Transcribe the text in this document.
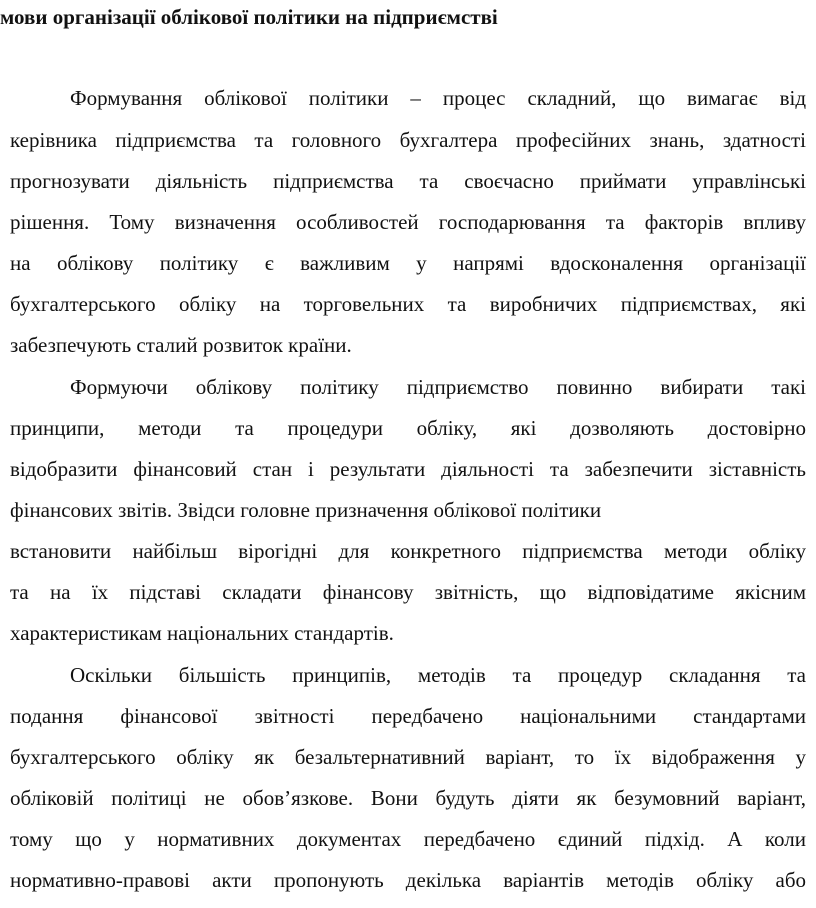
мови організації облікової політики на підприємстві
Формування облікової політики – процес складний, що вимагає від
керівника підприємства та головного бухгалтера професійних знань, здатності
прогнозувати діяльність підприємства та своєчасно приймати управлінські
рішення. Тому визначення особливостей господарювання та факторів впливу
на облікову політику є важливим у напрямі вдосконалення організації
бухгалтерського обліку на торговельних та виробничих підприємствах, які
забезпечують сталий розвиток країни.
Формуючи облікову політику підприємство повинно вибирати такі
принципи, методи та процедури обліку, які дозволяють достовірно
відобразити фінансовий стан і результати діяльності та забезпечити зіставність
фінансових звітів. Звідси головне призначення облікової політики
встановити найбільш вірогідні для конкретного підприємства методи обліку
та на їх підставі складати фінансову звітність, що відповідатиме якісним
характеристикам національних стандартів.
Оскільки більшість принципів, методів та процедур складання та
подання фінансової звітності передбачено національними стандартами
бухгалтерського обліку як безальтернативний варіант, то їх відображення у
обліковій політиці не обов’язкове. Вони будуть діяти як безумовний варіант,
тому що у нормативних документах передбачено єдиний підхід. А коли
нормативно-правові акти пропонують декілька варіантів методів обліку або
